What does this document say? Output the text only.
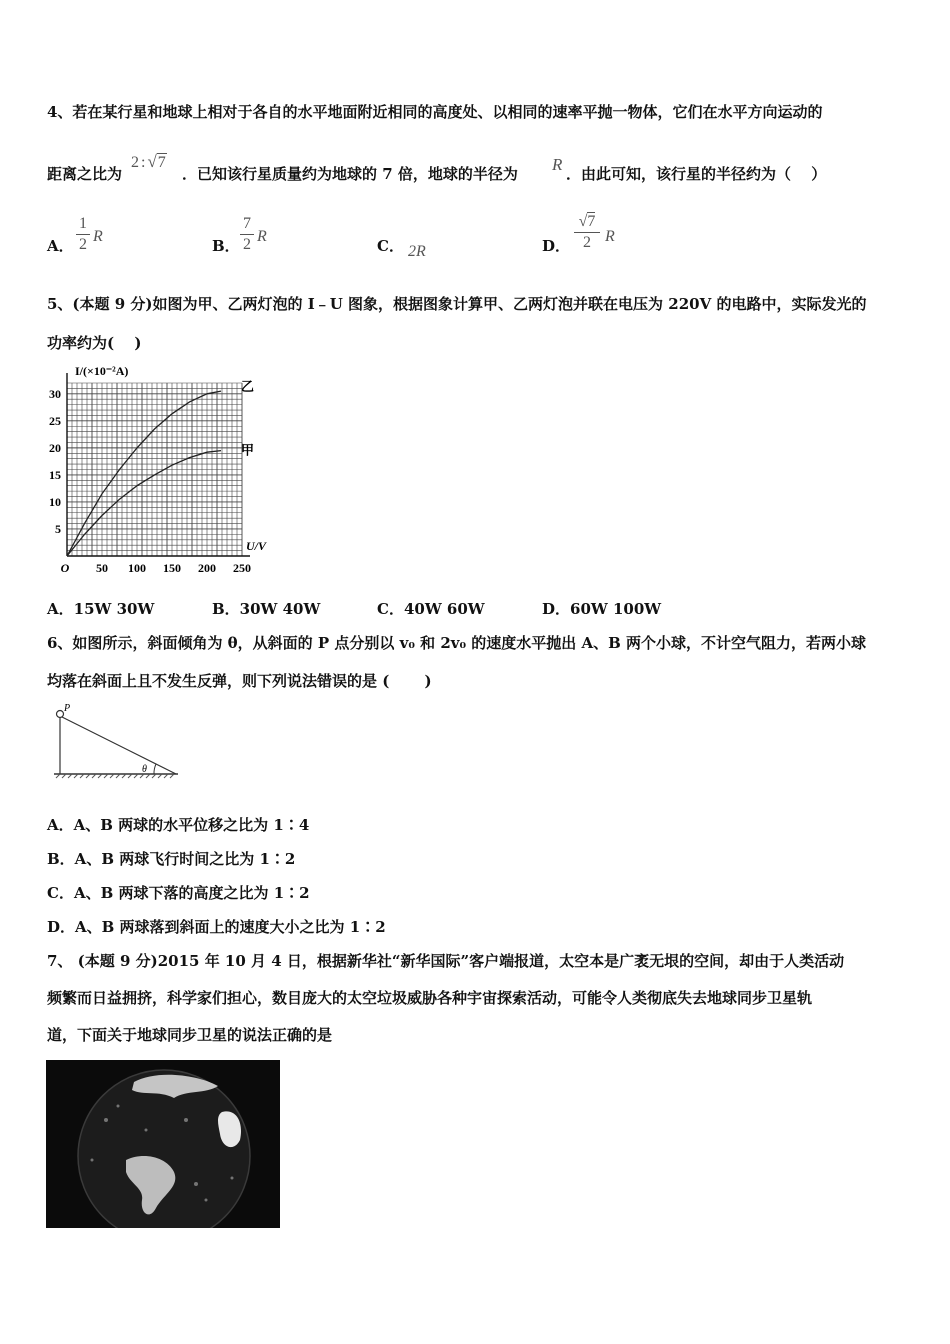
4、若在某行星和地球上相对于各自的水平地面附近相同的高度处、以相同的速率平抛一物体，它们在水平方向运动的
距离之比为
2 : √7
．已知该行星质量约为地球的 7 倍，地球的半径为 R ．由此可知，该行星的半径约为（　 ）
A．
1
2 R
B．
7
2 R
C． 2R	D．
√7
2 R
5、(本题 9 分)如图为甲、乙两灯泡的 I﹣U 图象，根据图象计算甲、乙两灯泡并联在电压为 220V 的电路中，实际发光的
功率约为(　 )
乙
甲
5
10
15
20
25
30
50 100 150 200 250
O
I/(×10⁻²A)
U/V
A．15W 30W	B．30W 40W	C．40W 60W	D．60W 100W
6、如图所示，斜面倾角为 θ，从斜面的 P 点分别以 v₀ 和 2v₀ 的速度水平抛出 A、B 两个小球，不计空气阻力，若两小球
均落在斜面上且不发生反弹，则下列说法错误的是 (　　 )
P
θ
A．A、B 两球的水平位移之比为 1∶4
B．A、B 两球飞行时间之比为 1∶2
C．A、B 两球下落的高度之比为 1∶2
D．A、B 两球落到斜面上的速度大小之比为 1∶2
7、 (本题 9 分)2015 年 10 月 4 日，根据新华社“新华国际”客户端报道，太空本是广袤无垠的空间，却由于人类活动
频繁而日益拥挤，科学家们担心，数目庞大的太空垃圾威胁各种宇宙探索活动，可能令人类彻底失去地球同步卫星轨
道，下面关于地球同步卫星的说法正确的是
